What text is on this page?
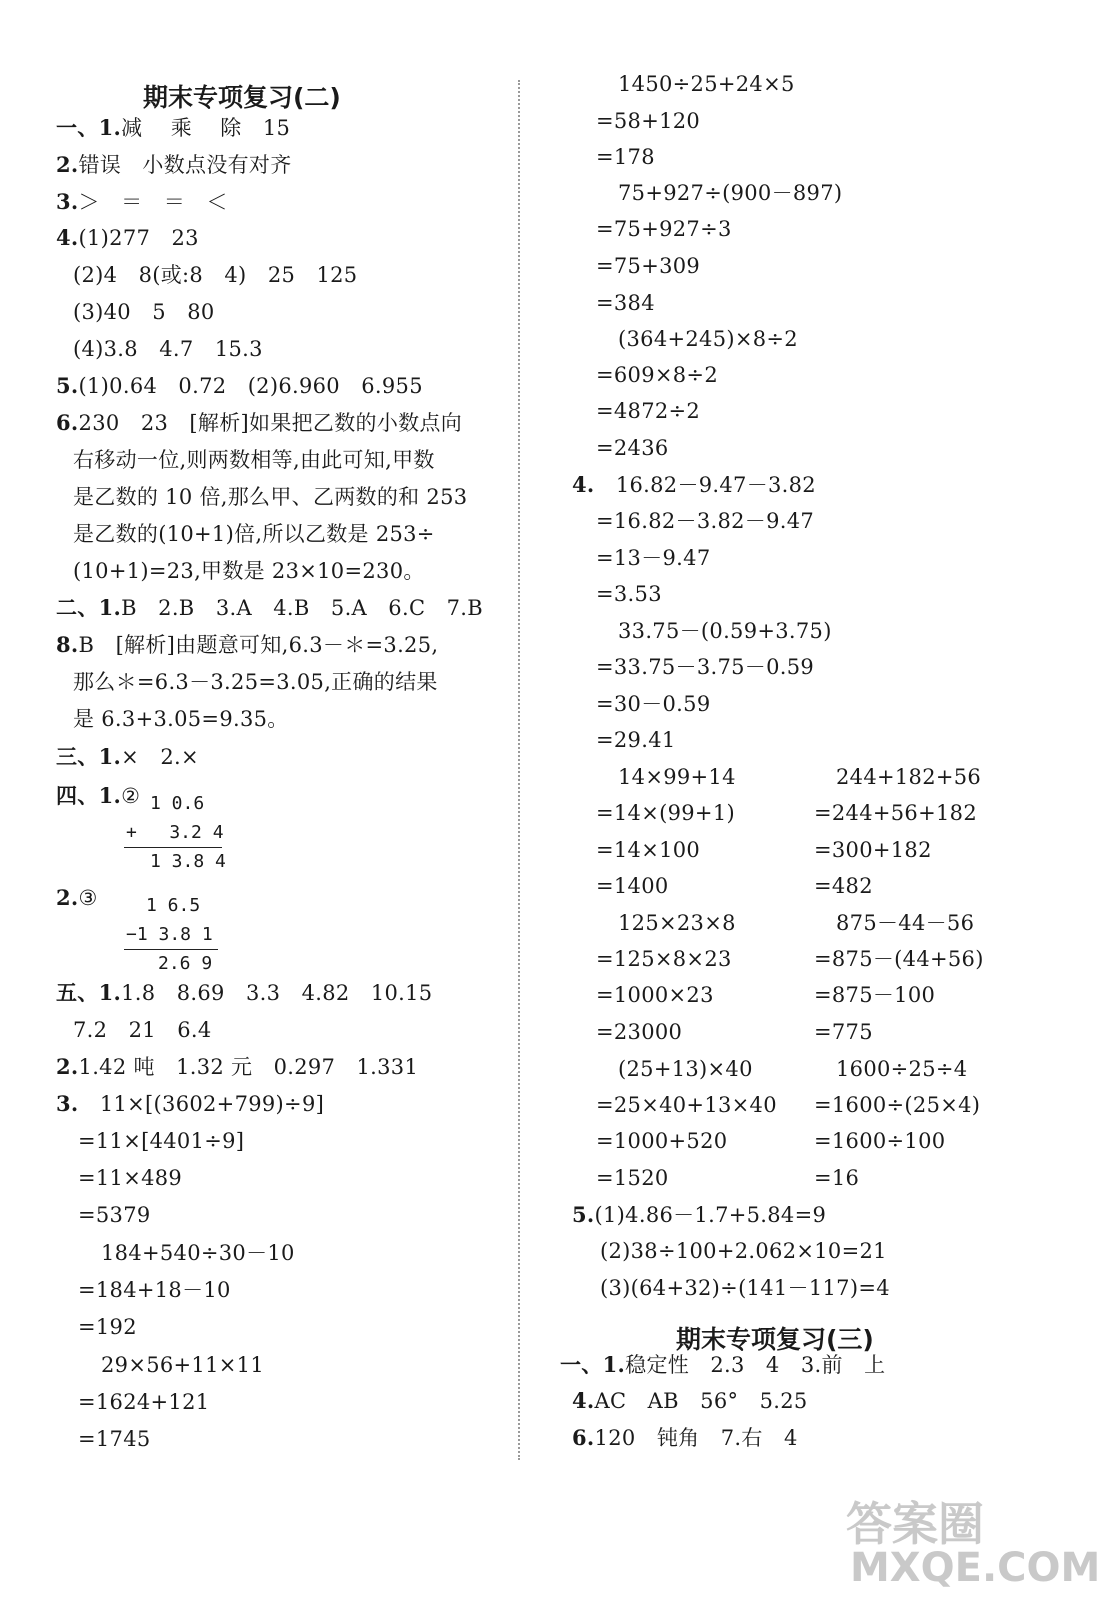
期末专项复习(二)
一、1.减　 乘　 除　15
2.错误　小数点没有对齐
3.＞　＝　＝　＜
4.(1)277　23
(2)4　8(或:8　4)　25　125
(3)40　5　80
(4)3.8　4.7　15.3
5.(1)0.64　0.72　(2)6.960　6.955
6.230　23　[解析]如果把乙数的小数点向
右移动一位,则两数相等,由此可知,甲数
是乙数的 10 倍,那么甲、乙两数的和 253
是乙数的(10+1)倍,所以乙数是 253÷
(10+1)=23,甲数是 23×10=230。
二、1.B　2.B　3.A　4.B　5.A　6.C　7.B
8.B　[解析]由题意可知,6.3－＊=3.25,
那么＊=6.3－3.25=3.05,正确的结果
是 6.3+3.05=9.35。
三、1.×　2.×
四、1.②
2.③
五、1.1.8　8.69　3.3　4.82　10.15
7.2　21　6.4
2.1.42 吨　1.32 元　0.297　1.331
3.　11×[(3602+799)÷9]
=11×[4401÷9]
=11×489
=5379
184+540÷30－10
=184+18－10
=192
29×56+11×11
=1624+121
=1745
1 0.6
+   3.2 4
1 3.8 4
1 6.5
−1 3.8 1
2.6 9
1450÷25+24×5
=58+120
=178
75+927÷(900－897)
=75+927÷3
=75+309
=384
(364+245)×8÷2
=609×8÷2
=4872÷2
=2436
4.　16.82－9.47－3.82
=16.82－3.82－9.47
=13－9.47
=3.53
33.75－(0.59+3.75)
=33.75－3.75－0.59
=30－0.59
=29.41
14×99+14
=14×(99+1)
=14×100
=1400
125×23×8
=125×8×23
=1000×23
=23000
(25+13)×40
=25×40+13×40
=1000+520
=1520
244+182+56
=244+56+182
=300+182
=482
875－44－56
=875－(44+56)
=875－100
=775
1600÷25÷4
=1600÷(25×4)
=1600÷100
=16
5.(1)4.86－1.7+5.84=9
(2)38÷100+2.062×10=21
(3)(64+32)÷(141－117)=4
一、1.稳定性　2.3　4　3.前　上
4.AC　AB　56°　5.25
6.120　钝角　7.右　4
期末专项复习(三)
答案圈
MXQE.COM
